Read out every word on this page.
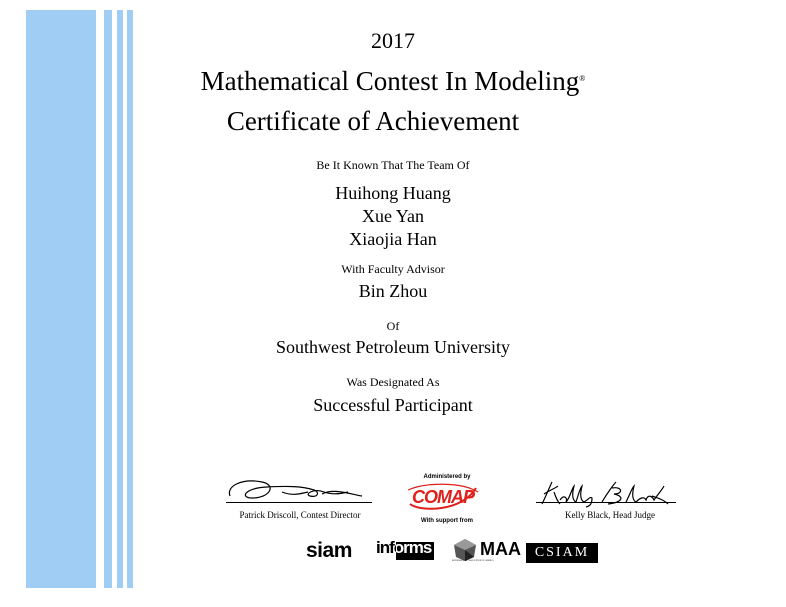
2017
Mathematical Contest In Modeling®
Certificate of Achievement
Be It Known That The Team Of
Huihong Huang
Xue Yan
Xiaojia Han
With Faculty Advisor
Bin Zhou
Of
Southwest Petroleum University
Was Designated As
Successful Participant
Patrick Driscoll, Contest Director	Kelly Black, Head Judge
Administered by
COMAP
With support from
siam informs	MAA
MATHEMATICAL ASSOCIATION OF AMERICA
CSIAM
